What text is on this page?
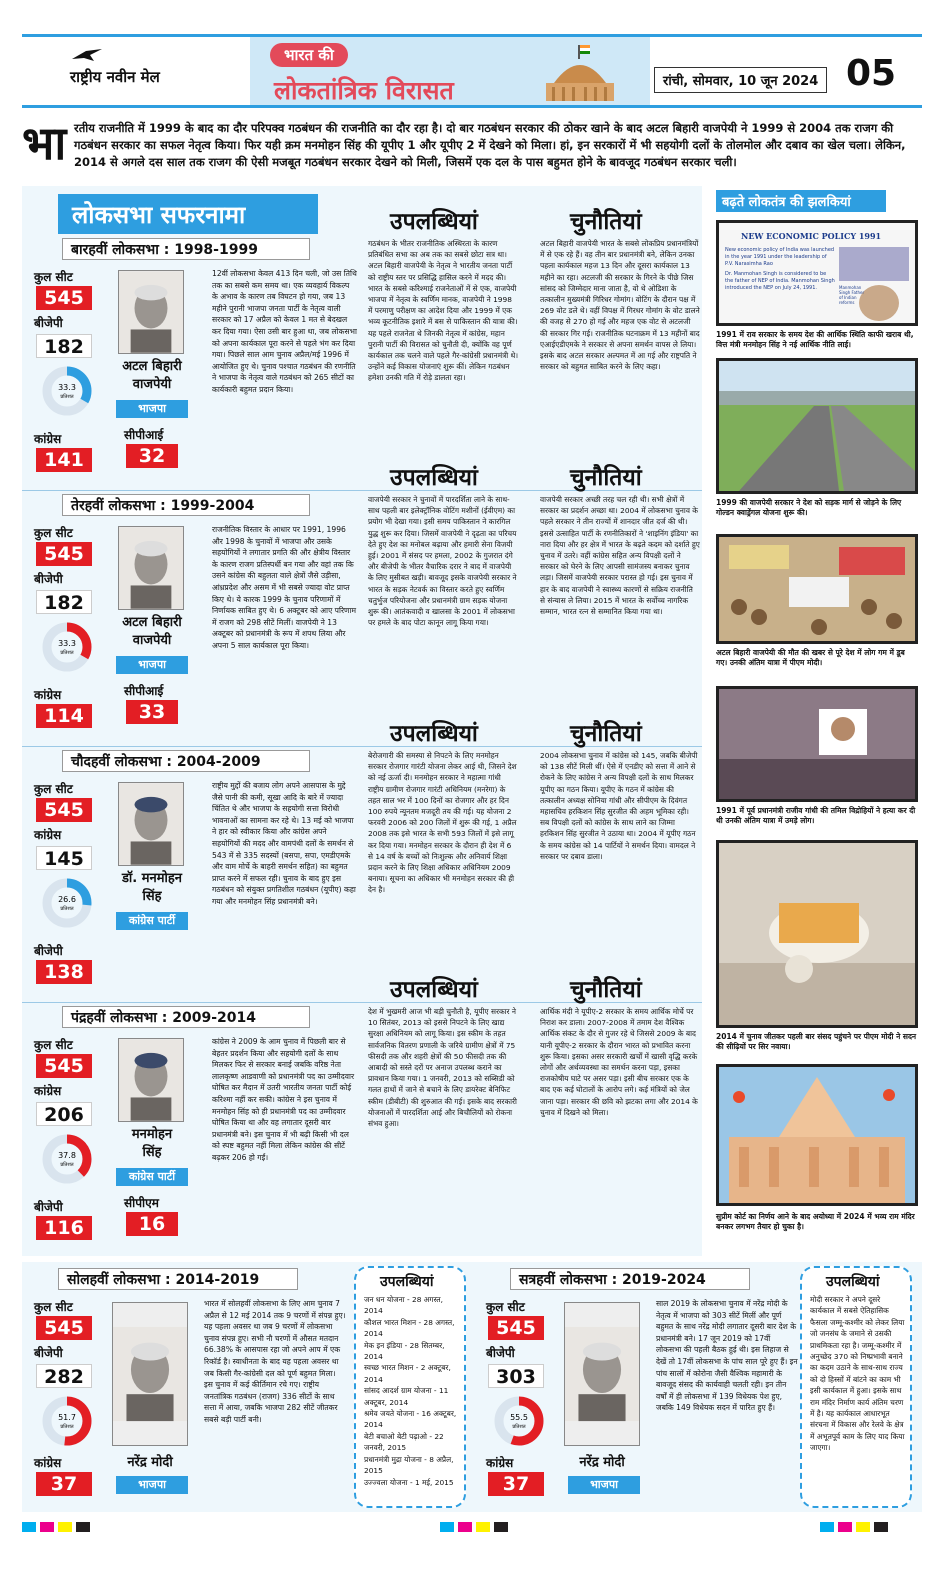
राष्ट्रीय नवीन मेल
भारत की
लोकतांत्रिक विरासत	रांची, सोमवार, 10 जून 2024 05
भा रतीय राजनीति में 1999 के बाद का दौर परिपक्व गठबंधन की राजनीति का दौर रहा है। दो बार गठबंधन सरकार की ठोकर खाने के बाद अटल बिहारी वाजपेयी ने 1999 से 2004 तक राजग की गठबंधन सरकार का सफल नेतृत्व किया। फिर यही क्रम मनमोहन सिंह की यूपीए 1 और यूपीए 2 में देखने को मिला। हां, इन सरकारों में भी सहयोगी दलों के तोलमोल और दबाव का खेल चला। लेकिन, 2014 से अगले दस साल तक राजग की ऐसी मजबूत गठबंधन सरकार देखने को मिली, जिसमें एक दल के पास बहुमत होने के बावजूद गठबंधन सरकार चली।
लोकसभा सफरनामा
बारहवीं लोकसभा : 1998-1999
कुल सीट
545
बीजेपी
182
33.3
प्रतिशत
कांग्रेस
141
अटल बिहारी
वाजपेयी
भाजपा
सीपीआई
32
12वीं लोकसभा केवल 413 दिन चली, जो उस तिथि तक का सबसे कम समय था। एक व्यवहार्य विकल्प के अभाव के कारण तब विघटन हो गया, जब 13 महीने पुरानी भाजपा जनता पार्टी के नेतृत्व वाली सरकार को 17 अप्रैल को केवल 1 मत से बेदखल कर दिया गया। ऐसा उसी बार हुआ था, जब लोकसभा को अपना कार्यकाल पूरा करने से पहले भंग कर दिया गया। पिछले साल आम चुनाव अप्रैल/मई 1996 में आयोजित हुए थे। चुनाव पश्चात गठबंधन की रणनीति ने भाजपा के नेतृत्व वाले गठबंधन को 265 सीटों का कार्यकारी बहुमत प्रदान किया।
उपलब्धियां
गठबंधन के भीतर राजनीतिक अस्थिरता के कारण प्रतिबंधित सभा का अब तक का सबसे छोटा सत्र था। अटल बिहारी वाजपेयी के नेतृत्व ने भारतीय जनता पार्टी को राष्ट्रीय स्तर पर प्रसिद्धि हासिल करने में मदद की। भारत के सबसे करिश्माई राजनेताओं में से एक, वाजपेयी भाजपा में नेतृत्व के स्वर्णिम मानक, वाजपेयी ने 1998 में परमाणु परीक्षण का आदेश दिया और 1999 में एक भव्य कूटनीतिक इशारे में बस से पाकिस्तान की यात्रा की। यह पहले राजनेता थे जिनकी नेतृत्व में कांग्रेस, महान पुरानी पार्टी की विरासत को चुनौती दी, क्योंकि वह पूर्ण कार्यकाल तक चलने वाले पहले गैर-कांग्रेसी प्रधानमंत्री थे। उन्होंने कई विकास योजनाएं शुरू कीं। लेकिन गठबंधन हमेशा उनकी गति में रोड़े डालता रहा।
चुनौतियां
अटल बिहारी वाजपेयी भारत के सबसे लोकप्रिय प्रधानमंत्रियों में से एक रहे हैं। वह तीन बार प्रधानमंत्री बने, लेकिन उनका पहला कार्यकाल महज 13 दिन और दूसरा कार्यकाल 13 महीने का रहा। अटलजी की सरकार के गिरने के पीछे जिस सांसद को जिम्मेदार माना जाता है, वो थे ओडिशा के तत्कालीन मुख्यमंत्री गिरिधर गोमांग। वोटिंग के दौरान पक्ष में 269 वोट डले थे। वहीं विपक्ष में गिरधर गोमांग के वोट डालने की वजह से 270 हो गई और महज एक वोट से अटलजी की सरकार गिर गई। राजनीतिक घटनाक्रम में 13 महीनों बाद एआईएडीएमके ने सरकार से अपना समर्थन वापस ले लिया। इसके बाद अटल सरकार अल्पमत में आ गई और राष्ट्रपति ने सरकार को बहुमत साबित करने के लिए कहा।
तेरहवीं लोकसभा : 1999-2004
कुल सीट
545
बीजेपी
182
33.3
प्रतिशत
कांग्रेस
114
अटल बिहारी
वाजपेयी
भाजपा
सीपीआई
33
राजनीतिक विस्तार के आधार पर 1991, 1996 और 1998 के चुनावों में भाजपा और उसके सहयोगियों ने लगातार प्रगति की और क्षेत्रीय विस्तार के कारण राजग प्रतिस्पर्धी बन गया और वहां तक कि उसने कांग्रेस की बहुलता वाले क्षेत्रों जैसे उड़ीसा, आंध्रप्रदेश और असम में भी सबसे ज्यादा वोट प्राप्त किए थे। ये कारक 1999 के चुनाव परिणामों में निर्णायक साबित हुए थे। 6 अक्टूबर को आए परिणाम में राजग को 298 सीटें मिलीं। वाजपेयी ने 13 अक्टूबर को प्रधानमंत्री के रूप में शपथ लिया और अपना 5 साल कार्यकाल पूरा किया।
उपलब्धियां
वाजपेयी सरकार ने चुनावों में पारदर्शिता लाने के साथ-साथ पहली बार इलेक्ट्रॉनिक वोटिंग मशीनों (ईवीएम) का प्रयोग भी देखा गया। इसी समय पाकिस्तान ने कारगिल युद्ध शुरू कर दिया। जिसमें वाजपेयी ने दृढ़ता का परिचय देते हुए देश का मनोबल बढ़ाया और हमारी सेना विजयी हुई। 2001 में संसद पर हमला, 2002 के गुजरात दंगे और बीजेपी के भीतर वैचारिक दरार ने बाद में वाजपेयी के लिए मुसीबत खड़ी। बावजूद इसके वाजपेयी सरकार ने भारत के सड़क नेटवर्क का विस्तार करते हुए स्वर्णिम चतुर्भुज परियोजना और प्रधानमंत्री ग्राम सड़क योजना शुरू की। आतंकवादी व खालसा के 2001 में लोकसभा पर हमले के बाद पोटा कानून लागू किया गया।
चुनौतियां
वाजपेयी सरकार अच्छी तरह चल रही थी। सभी क्षेत्रों में सरकार का प्रदर्शन अच्छा था। 2004 में लोकसभा चुनाव के पहले सरकार ने तीन राज्यों में शानदार जीत दर्ज की थी। इससे उत्साहित पार्टी के रणनीतिकारों ने 'शाइनिंग इंडिया' का नारा दिया और हर क्षेत्र में भारत के बढ़ते कदम को दर्शाते हुए चुनाव में उतरे। वहीं कांग्रेस सहित अन्य विपक्षी दलों ने सरकार को घेरने के लिए आपसी सामंजस्य बनाकर चुनाव लड़ा। जिसमें वाजपेयी सरकार परास्त हो गई। इस चुनाव में हार के बाद वाजपेयी ने स्वास्थ्य कारणों से सक्रिय राजनीति से संन्यास ले लिया। 2015 में भारत के सर्वोच्च नागरिक सम्मान, भारत रत्न से सम्मानित किया गया था।
चौदहवीं लोकसभा : 2004-2009
कुल सीट
545
कांग्रेस
145
26.6
प्रतिशत
बीजेपी
138
डॉ. मनमोहन
सिंह
कांग्रेस पार्टी
राष्ट्रीय मुद्दों की बजाय लोग अपने आसपास के मुद्दे जैसे पानी की कमी, सूखा आदि के बारे में ज्यादा चिंतित थे और भाजपा के सहयोगी सत्ता विरोधी भावनाओं का सामना कर रहे थे। 13 मई को भाजपा ने हार को स्वीकार किया और कांग्रेस अपने सहयोगियों की मदद और वामपंथी दलों के समर्थन से 543 में से 335 सदस्यों (बसपा, सपा, एमडीएमके और वाम मोर्चे के बाहरी समर्थन सहित) का बहुमत प्राप्त करने में सफल रही। चुनाव के बाद हुए इस गठबंधन को संयुक्त प्रगतिशील गठबंधन (यूपीए) कहा गया और मनमोहन सिंह प्रधानमंत्री बने।
उपलब्धियां
बेरोजगारी की समस्या से निपटने के लिए मनमोहन सरकार रोजगार गारंटी योजना लेकर आई थी, जिसने देश को नई ऊर्जा दी। मनमोहन सरकार ने महात्मा गांधी राष्ट्रीय ग्रामीण रोजगार गारंटी अधिनियम (मनरेगा) के तहत साल भर में 100 दिनों का रोजगार और हर दिन 100 रुपये न्यूनतम मजदूरी तय की गई। यह योजना 2 फरवरी 2006 को 200 जिलों में शुरू की गई, 1 अप्रैल 2008 तक इसे भारत के सभी 593 जिलों में इसे लागू कर दिया गया। मनमोहन सरकार के दौरान ही देश में 6 से 14 वर्ष के बच्चों को निःशुल्क और अनिवार्य शिक्षा प्रदान करने के लिए शिक्षा अधिकार अधिनियम 2009 बनाया। सूचना का अधिकार भी मनमोहन सरकार की ही देन है।
चुनौतियां
2004 लोकसभा चुनाव में कांग्रेस को 145, जबकि बीजेपी को 138 सीटें मिली थीं। ऐसे में एनडीए को सत्ता में आने से रोकने के लिए कांग्रेस ने अन्य विपक्षी दलों के साथ मिलकर यूपीए का गठन किया। यूपीए के गठन में कांग्रेस की तत्कालीन अध्यक्ष सोनिया गांधी और सीपीएम के दिवंगत महासचिव हरकिशन सिंह सुरजीत की अहम भूमिका रही। सब विपक्षी दलों को कांग्रेस के साथ लाने का जिम्मा हरकिशन सिंह सुरजीत ने उठाया था। 2004 में यूपीए गठन के समय कांग्रेस को 14 पार्टियों ने समर्थन दिया। वामदल ने सरकार पर दबाव डाला।
पंद्रहवीं लोकसभा : 2009-2014
कुल सीट
545
कांग्रेस
206
37.8
प्रतिशत
बीजेपी
116
मनमोहन
सिंह
कांग्रेस पार्टी
सीपीएम
16
कांग्रेस ने 2009 के आम चुनाव में पिछली बार से बेहतर प्रदर्शन किया और सहयोगी दलों के साथ मिलकर फिर से सरकार बनाई जबकि वरिष्ठ नेता लालकृष्ण आडवाणी को प्रधानमंत्री पद का उम्मीदवार घोषित कर मैदान में उतरी भारतीय जनता पार्टी कोई करिश्मा नहीं कर सकी। कांग्रेस ने इस चुनाव में मनमोहन सिंह को ही प्रधानमंत्री पद का उम्मीदवार घोषित किया था और वह लगातार दूसरी बार प्रधानमंत्री बने। इस चुनाव में भी बढ़ी किसी भी दल को स्पष्ट बहुमत नहीं मिला लेकिन कांग्रेस की सीटें बढ़कर 206 हो गईं।
उपलब्धियां
देश में भुखमरी आज भी बड़ी चुनौती है, यूपीए सरकार ने 10 सितंबर, 2013 को इससे निपटने के लिए खाद्य सुरक्षा अधिनियम को लागू किया। इस स्कीम के तहत सार्वजनिक वितरण प्रणाली के जरिये ग्रामीण क्षेत्रों में 75 फीसदी तक और शहरी क्षेत्रों की 50 फीसदी तक की आबादी को सस्ते दरों पर अनाज उपलब्ध कराने का प्रावधान किया गया। 1 जनवरी, 2013 को सब्सिडी को गलत हाथों में जाने से बचाने के लिए डायरेक्ट बेनिफिट स्कीम (डीबीटी) की शुरुआत की गई। इसके बाद सरकारी योजनाओं में पारदर्शिता आई और बिचौलियों को रोकना संभव हुआ।
चुनौतियां
आर्थिक मंदी ने यूपीए-2 सरकार के समय आर्थिक मोर्चे पर निराश कर डाला। 2007-2008 में तमाम देश वैश्विक आर्थिक संकट के दौर से गुजर रहे थे जिससे 2009 के बाद यानी यूपीए-2 सरकार के दौरान भारत को प्रभावित करना शुरू किया। इसका असर सरकारी खर्चों में खासी वृद्धि करके लोगों और अर्थव्यवस्था का समर्थन करना पड़ा, इसका राजकोषीय घाटे पर असर पड़ा। इसी बीच सरकार एक के बाद एक कई घोटालों के आरोप लगे। कई मंत्रियों को जेल जाना पड़ा। सरकार की छवि को झटका लगा और 2014 के चुनाव में दिखने को मिला।
बढ़ते लोकतंत्र की झलकियां
NEW ECONOMIC POLICY 1991
New economic policy of India was launched in the year 1991 under the leadership of P.V. Narasimha Rao
Dr. Manmohan Singh is considered to be the father of NEP of India. Manmohan Singh introduced the NEP on July 24, 1991.	Manmohan Singh Father of Indian reforms
1991 में राव सरकार के समय देश की आर्थिक स्थिति काफी खराब थी, वित्त मंत्री मनमोहन सिंह ने नई आर्थिक नीति लाई।
1999 की वाजपेयी सरकार ने देश को सड़क मार्ग से जोड़ने के लिए गोल्डन क्वाड्रेंगल योजना शुरू की।
अटल बिहारी वाजपेयी की मौत की खबर से पूरे देश में लोग गम में डूब गए। उनकी अंतिम यात्रा में पीएम मोदी।
1991 में पूर्व प्रधानमंत्री राजीव गांधी की तमिल विद्रोहियों ने हत्या कर दी थी उनकी अंतिम यात्रा में उमड़े लोग।
2014 में चुनाव जीतकर पहली बार संसद पहुंचने पर पीएम मोदी ने सदन की सीढ़ियों पर सिर नवाया।
सुप्रीम कोर्ट का निर्णय आने के बाद अयोध्या में 2024 में भव्य राम मंदिर बनकर लगभग तैयार हो चुका है।
सोलहवीं लोकसभा : 2014-2019
कुल सीट
545
बीजेपी
282
51.7
प्रतिशत
कांग्रेस
37
नरेंद्र मोदी
भाजपा
भारत में सोलहवीं लोकसभा के लिए आम चुनाव 7 अप्रैल से 12 मई 2014 तक 9 चरणों में संपन्न हुए। यह पहला अवसर था जब 9 चरणों में लोकसभा चुनाव संपन्न हुए। सभी नौ चरणों में औसत मतदान 66.38% के आसपास रहा जो अपने आप में एक रिकॉर्ड है। स्वाधीनता के बाद यह पहला अवसर था जब किसी गैर-कांग्रेसी दल को पूर्ण बहुमत मिला। इस चुनाव में कई कीर्तिमान रचे गए। राष्ट्रीय जनतांत्रिक गठबंधन (राजग) 336 सीटों के साथ सत्ता में आया, जबकि भाजपा 282 सीटें जीतकर सबसे बड़ी पार्टी बनी।
सत्रहवीं लोकसभा : 2019-2024
कुल सीट
545
बीजेपी
303
55.5
प्रतिशत
कांग्रेस
37
नरेंद्र मोदी
भाजपा
साल 2019 के लोकसभा चुनाव में नरेंद्र मोदी के नेतृत्व में भाजपा को 303 सीटें मिलीं और पूर्ण बहुमत के साथ नरेंद्र मोदी लगातार दूसरी बार देश के प्रधानमंत्री बने। 17 जून 2019 को 17वीं लोकसभा की पहली बैठक हुई थी। इस लिहाज से देखें तो 17वीं लोकसभा के पांच साल पूरे हुए हैं। इन पांच सालों में कोरोना जैसी वैश्विक महामारी के बावजूद संसद की कार्यवाही चलती रही। इन तीन वर्षों में ही लोकसभा में 139 विधेयक पेश हुए, जबकि 149 विधेयक सदन में पारित हुए हैं।
उपलब्धियां
जन धन योजना - 28 अगस्त, 2014
कौशल भारत मिशन - 28 अगस्त, 2014
मेक इन इंडिया - 28 सितम्बर, 2014
स्वच्छ भारत मिशन - 2 अक्टूबर, 2014
सांसद आदर्श ग्राम योजना - 11 अक्टूबर, 2014
श्रमेव जयते योजना - 16 अक्टूबर, 2014
बेटी बचाओ बेटी पढ़ाओ - 22 जनवरी, 2015
प्रधानमंत्री मुद्रा योजना - 8 अप्रैल, 2015
उज्ज्वला योजना - 1 मई, 2015
उपलब्धियां
मोदी सरकार ने अपने दूसरे कार्यकाल में सबसे ऐतिहासिक फैसला जम्मू-कश्मीर को लेकर लिया जो जनसंघ के जमाने से उसकी प्राथमिकता रहा है। जम्मू-कश्मीर में अनुच्छेद 370 को निष्प्रभावी बनाने का कदम उठाने के साथ-साथ राज्य को दो हिस्सों में बांटने का काम भी इसी कार्यकाल में हुआ। इसके साथ राम मंदिर निर्माण कार्य अंतिम चरण में है। यह कार्यकाल आधारभूत संरचना में विकास और रेलवे के क्षेत्र में अभूतपूर्व काम के लिए याद किया जाएगा।
